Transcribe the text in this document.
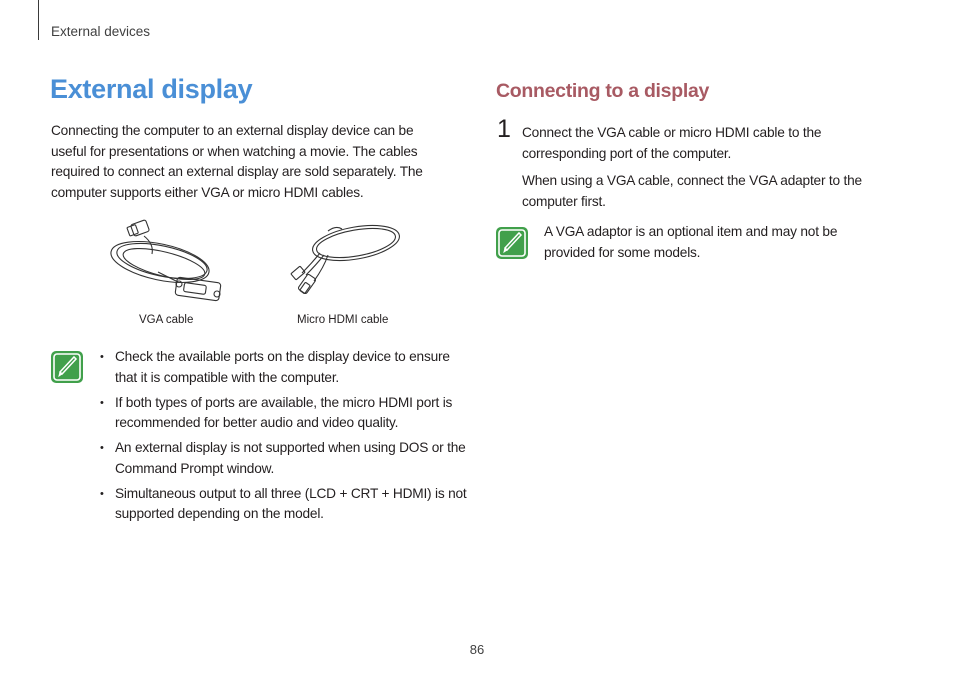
External devices
External display
Connecting the computer to an external display device can be useful for presentations or when watching a movie. The cables required to connect an external display are sold separately. The computer supports either VGA or micro HDMI cables.
VGA cable	Micro HDMI cable
• Check the available ports on the display device to ensure that it is compatible with the computer.
• If both types of ports are available, the micro HDMI port is recommended for better audio and video quality.
• An external display is not supported when using DOS or the Command Prompt window.
• Simultaneous output to all three (LCD + CRT + HDMI) is not supported depending on the model.
Connecting to a display
1 Connect the VGA cable or micro HDMI cable to the corresponding port of the computer.
When using a VGA cable, connect the VGA adapter to the computer first.
A VGA adaptor is an optional item and may not be provided for some models.
86
